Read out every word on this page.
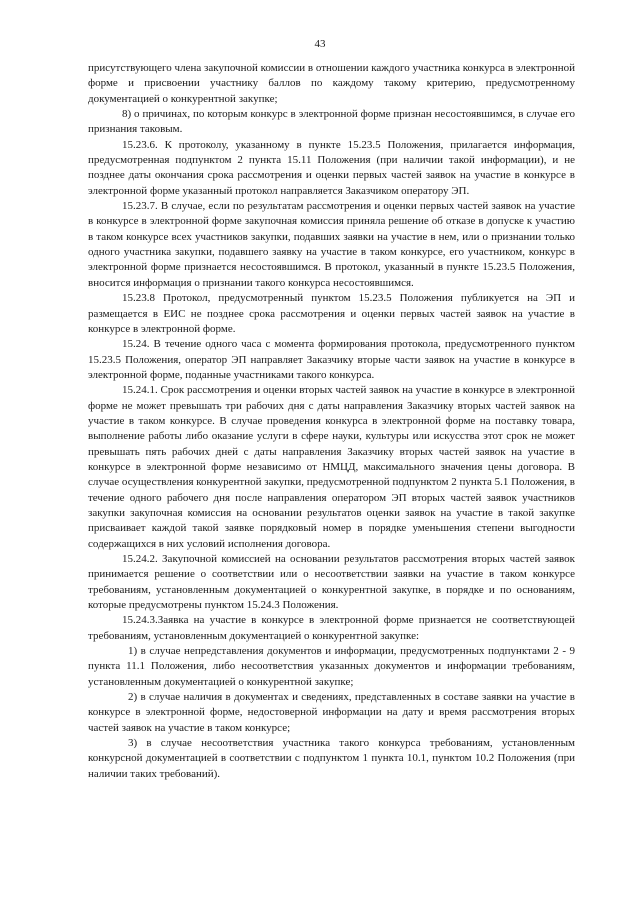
43

присутствующего члена закупочной комиссии в отношении каждого участника конкурса в электронной форме и присвоении участнику баллов по каждому такому критерию, предусмотренному документацией о конкурентной закупке;

8) о причинах, по которым конкурс в электронной форме признан несостоявшимся, в случае его признания таковым.

15.23.6. К протоколу, указанному в пункте 15.23.5 Положения, прилагается информация, предусмотренная подпунктом 2 пункта 15.11 Положения (при наличии такой информации), и не позднее даты окончания срока рассмотрения и оценки первых частей заявок на участие в конкурсе в электронной форме указанный протокол направляется Заказчиком оператору ЭП.

15.23.7. В случае, если по результатам рассмотрения и оценки первых частей заявок на участие в конкурсе в электронной форме закупочная комиссия приняла решение об отказе в допуске к участию в таком конкурсе всех участников закупки, подавших заявки на участие в нем, или о признании только одного участника закупки, подавшего заявку на участие в таком конкурсе, его участником, конкурс в электронной форме признается несостоявшимся. В протокол, указанный в пункте 15.23.5 Положения, вносится информация о признании такого конкурса несостоявшимся.

15.23.8 Протокол, предусмотренный пунктом 15.23.5 Положения публикуется на ЭП и размещается в ЕИС не позднее срока рассмотрения и оценки первых частей заявок на участие в конкурсе в электронной форме.

15.24. В течение одного часа с момента формирования протокола, предусмотренного пунктом 15.23.5 Положения, оператор ЭП направляет Заказчику вторые части заявок на участие в конкурсе в электронной форме, поданные участниками такого конкурса.

15.24.1. Срок рассмотрения и оценки вторых частей заявок на участие в конкурсе в электронной форме не может превышать три рабочих дня с даты направления Заказчику вторых частей заявок на участие в таком конкурсе. В случае проведения конкурса в электронной форме на поставку товара, выполнение работы либо оказание услуги в сфере науки, культуры или искусства этот срок не может превышать пять рабочих дней с даты направления Заказчику вторых частей заявок на участие в конкурсе в электронной форме независимо от НМЦД, максимального значения цены договора. В случае осуществления конкурентной закупки, предусмотренной подпунктом 2 пункта 5.1 Положения, в течение одного рабочего дня после направления оператором ЭП вторых частей заявок участников закупки закупочная комиссия на основании результатов оценки заявок на участие в такой закупке присваивает каждой такой заявке порядковый номер в порядке уменьшения степени выгодности содержащихся в них условий исполнения договора.

15.24.2. Закупочной комиссией на основании результатов рассмотрения вторых частей заявок принимается решение о соответствии или о несоответствии заявки на участие в таком конкурсе требованиям, установленным документацией о конкурентной закупке, в порядке и по основаниям, которые предусмотрены пунктом 15.24.3 Положения.

15.24.3.Заявка на участие в конкурсе в электронной форме признается не соответствующей требованиям, установленным документацией о конкурентной закупке:

1) в случае непредставления документов и информации, предусмотренных подпунктами 2 - 9 пункта 11.1 Положения, либо несоответствия указанных документов и информации требованиям, установленным документацией о конкурентной закупке;

2) в случае наличия в документах и сведениях, представленных в составе заявки на участие в конкурсе в электронной форме, недостоверной информации на дату и время рассмотрения вторых частей заявок на участие в таком конкурсе;

3) в случае несоответствия участника такого конкурса требованиям, установленным конкурсной документацией в соответствии с подпунктом 1 пункта 10.1, пунктом 10.2 Положения (при наличии таких требований).
